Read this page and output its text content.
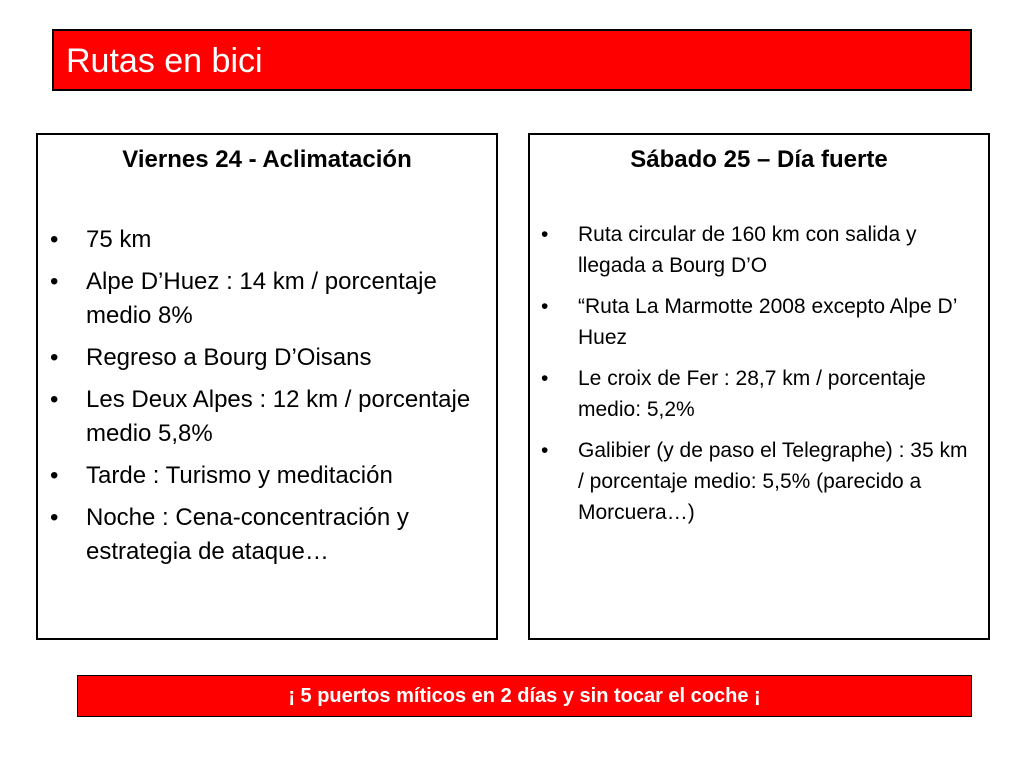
Rutas en bici
Viernes 24 - Aclimatación
• 75 km
• Alpe D’Huez : 14 km / porcentaje medio 8%
• Regreso a Bourg D’Oisans
• Les Deux Alpes : 12 km / porcentaje medio 5,8%
• Tarde : Turismo y meditación
• Noche : Cena-concentración y estrategia de ataque…
Sábado 25 – Día fuerte
• Ruta circular de 160 km con salida y llegada a Bourg D’O
• “Ruta La Marmotte 2008 excepto Alpe D’ Huez
• Le croix de Fer : 28,7 km / porcentaje medio: 5,2%
• Galibier (y de paso el Telegraphe) : 35 km / porcentaje medio: 5,5% (parecido a Morcuera…)
¡ 5 puertos míticos en 2 días y sin tocar el coche ¡
